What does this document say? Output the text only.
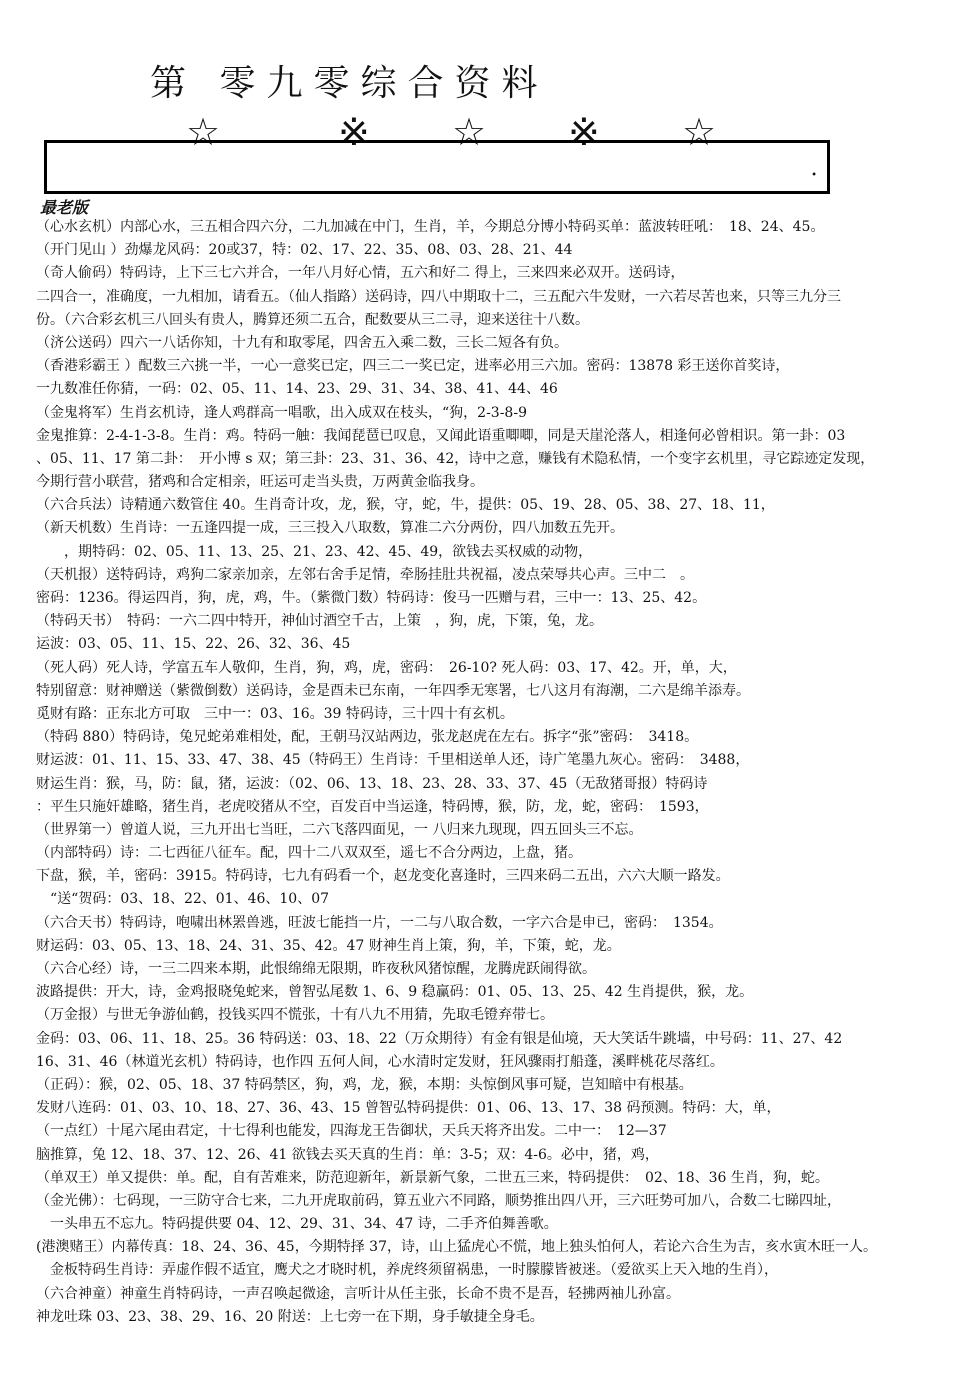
第 零九零综合资料
☆	※ ☆ ※ ☆
•
最老版
（心水玄机）内部心水，三五相合四六分，二九加减在中门，生肖，羊，今期总分博小特码买单：蓝波转旺吼：　18、24、45。
（开门见山 ）劲爆龙风码：20或37，特：02、17、22、35、08、03、28、21、44
（奇人偷码）特码诗，上下三七六并合，一年八月好心情，五六和好二 得上，三来四来必双开。送码诗，
二四合一，准确度，一九相加，请看五。（仙人指路）送码诗，四八中期取十二，三五配六牛发财，一六若尽苦也来，只等三九分三
份。（六合彩玄机三八回头有贵人，腾算还须二五合，配数要从三二寻，迎来送往十八数。
（济公送码）四六一八话你知，十九有和取零尾，四舍五入乘二数，三长二短各有负。
（香港彩霸王 ）配数三六挑一半，一心一意奖已定，四三二一奖已定，进率必用三六加。密码：13878 彩王送你首奖诗，
一九数准任你猜，一码：02、05、11、14、23、29、31、34、38、41、44、46
（金鬼将军）生肖玄机诗，逢人鸡群高一唱歌，出入成双在枝头，“狗，2-3-8-9
金鬼推算：2-4-1-3-8。生肖：鸡。特码一触：我闻琵琶已叹息，又闻此语重唧唧，同是天崖沦落人，相逢何必曾相识。第一卦：03
、05、11、17 第二卦：　开小博 s 双；第三卦：23、31、36、42，诗中之意，赚钱有术隐私情，一个变字玄机里，寻它踪迹定发现，
今期行营小联营，猪鸡和合定相亲，旺运可走当头贵，万两黄金临我身。
（六合兵法）诗精通六数管住 40。生肖奇计攻，龙，猴，守，蛇，牛，提供：05、19、28、05、38、27、18、11，
（新天机数）生肖诗：一五逢四提一成，三三投入八取数，算准二六分两份，四八加数五先开。
　　，期特码：02、05、11、13、25、21、23、42、45、49，欲钱去买权威的动物，
（天机报）送特码诗，鸡狗二家亲加亲，左邻右舍手足情，牵肠挂肚共祝福，凌点荣辱共心声。三中二　。
密码：1236。得运四肖，狗，虎，鸡，牛。（紫微门数）特码诗：俊马一匹赠与君，三中一：13、25、42。
（特码天书）　特码：一六二四中特开，神仙讨酒空千古，上策　，狗，虎，下策，兔，龙。
运波：03、05、11、15、22、26、32、36、45
（死人码）死人诗，学富五车人敬仰，生肖，狗，鸡，虎，密码：　26-10? 死人码：03、17、42。开，单，大，
特别留意：财神赠送（紫微倒数）送码诗，金是酉未已东南，一年四季无寒署，七八这月有海潮，二六是绵羊添寿。
觅财有路：正东北方可取　三中一：03、16。39 特码诗，三十四十有玄机。
（特码 880）特码诗，兔兄蛇弟难相处，配，王朝马汉站两边，张龙赵虎在左右。拆字“张”密码：　3418。
财运波：01、11、15、33、47、38、45（特码王）生肖诗：千里相送单人还，诗广笔墨九灰心。密码：　3488，
财运生肖：猴，马，防：鼠，猪，运波：（02、06、13、18、23、28、33、37、45（无敌猪哥报）特码诗
：平生只施奸雄略，猪生肖，老虎咬猪从不空，百发百中当运逢，特码博，猴，防，龙，蛇，密码：　1593，
（世界第一）曾道人说，三九开出七当旺，二六飞落四面见，一 八归来九现现，四五回头三不忘。
（内部特码）诗：二七西征八征车。配，四十二八双双至，遥七不合分两边，上盘，猪。
下盘，猴，羊，密码：3915。特码诗，七九有码看一个，赵龙变化喜逢时，三四来码二五出，六六大顺一路发。
　“送“贺码：03、18、22、01、46、10、07
（六合天书）特码诗，咆啸出林罴兽逃，旺波七能挡一片，一二与八取合数，一字六合是申已，密码：　1354。
财运码：03、05、13、18、24、31、35、42。47 财神生肖上策，狗，羊，下策，蛇，龙。
（六合心经）诗，一三二四来本期，此恨绵绵无限期，昨夜秋风猪惊醒，龙腾虎跃闹得欲。
波路提供：开大，诗，金鸡报晓兔蛇来，曾智弘尾数 1、6、9 稳赢码：01、05、13、25、42 生肖提供，猴，龙。
（万金报）与世无争游仙鹤，投钱买四不慌张，十有八九不用猜，先取毛镫弃带七。
金码：03、06、11、18、25。36 特码送：03、18、22（万众期待）有金有银是仙境，天大笑话牛跳墙，中号码：11、27、42
16、31、46（林道光玄机）特码诗，也作四 五何人间，心水清时定发财，狂风骤雨打船蓬，溪畔桃花尽落红。
（正码）：猴，02、05、18、37 特码禁区，狗，鸡，龙，猴，本期：头惊倒风事可疑，岂知暗中有根基。
发财八连码：01、03、10、18、27、36、43、15 曾智弘特码提供：01、06、13、17、38 码预测。特码：大，单，
（一点红）十尾六尾由君定，十七得利也能发，四海龙王告御状，天兵天将齐出发。二中一：　12—37
脑推算，兔 12、18、37、12、26、41 欲钱去买天真的生肖：单：3-5；双：4-6。必中，猪，鸡，
（单双王）单又提供：单。配，自有苦难来，防范迎新年，新景新气象，二世五三来，特码提供：　02、18、36 生肖，狗，蛇。
（金光佛）：七码现，一三防守合七来，二九开虎取前码，算五业六不同路，顺势推出四八开，三六旺势可加八，合数二七睇四址，
　一头串五不忘九。特码提供要 04、12、29、31、34、47 诗，二手齐伯舞善歌。
(港澳赌王）内幕传真：18、24、36、45，今期特择 37，诗，山上猛虎心不慌，地上独头怕何人，若论六合生为吉，亥水寅木旺一人。
　金板特码生肖诗：弄虚作假不适宜，鹰犬之才晓时机，养虎终须留祸患，一时朦朦皆被迷。（爱欲买上天入地的生肖），
（六合神童）神童生肖特码诗，一声召唤起微途，言听计从任主张，长命不贵不是吾，轻拂两袖儿孙富。
神龙吐珠 03、23、38、29、16、20 附送：上七旁一在下期，身手敏捷全身毛。
